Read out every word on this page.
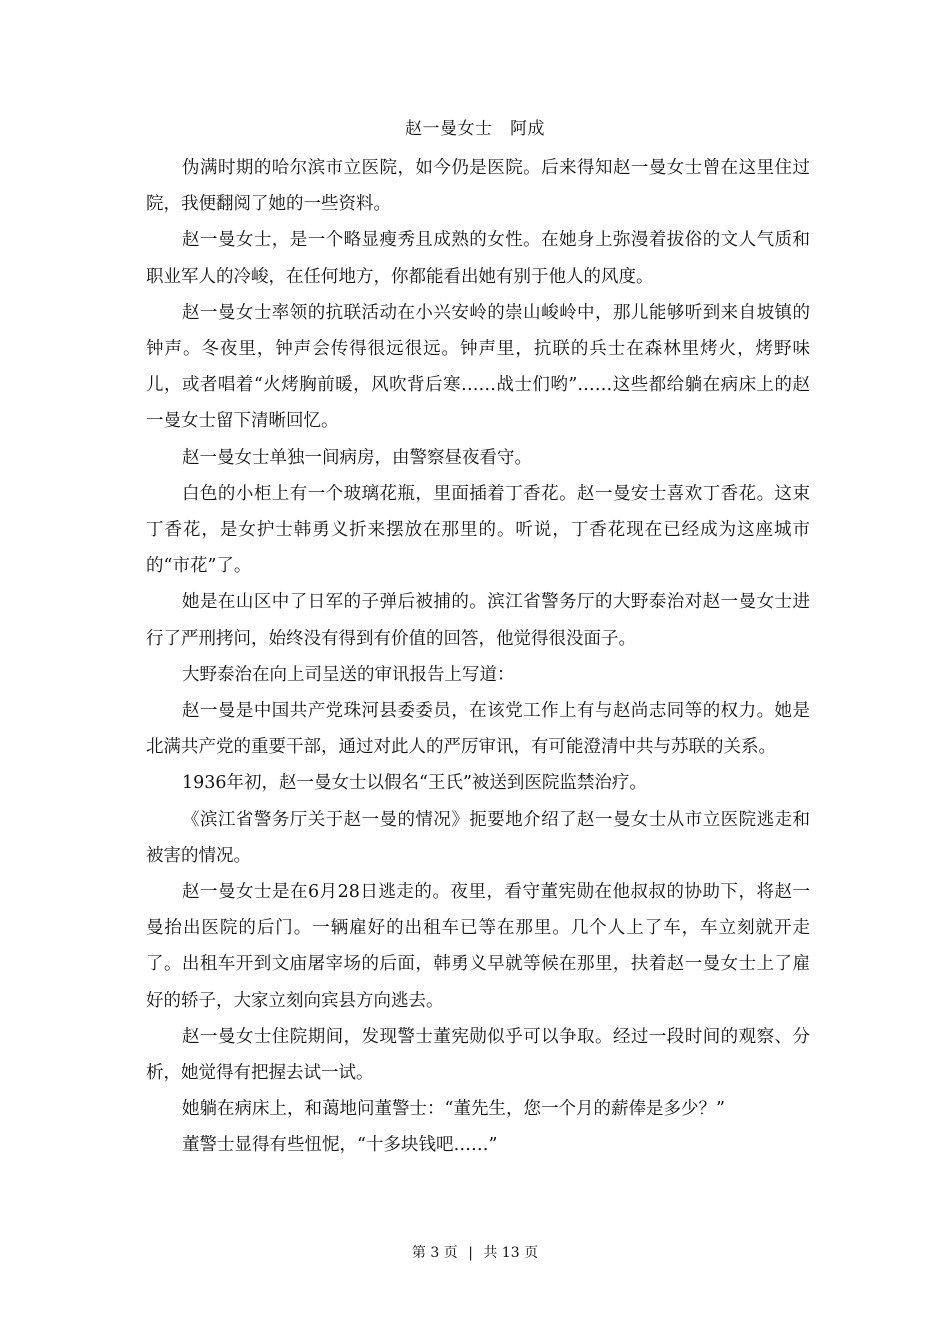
赵一曼女士　阿成

伪满时期的哈尔滨市立医院，如今仍是医院。后来得知赵一曼女士曾在这里住过院，我便翻阅了她的一些资料。

赵一曼女士，是一个略显瘦秀且成熟的女性。在她身上弥漫着拔俗的文人气质和职业军人的冷峻，在任何地方，你都能看出她有别于他人的风度。

赵一曼女士率领的抗联活动在小兴安岭的崇山峻岭中，那儿能够听到来自坡镇的钟声。冬夜里，钟声会传得很远很远。钟声里，抗联的兵士在森林里烤火，烤野味儿，或者唱着“火烤胸前暖，风吹背后寒……战士们哟”……这些都给躺在病床上的赵一曼女士留下清晰回忆。

赵一曼女士单独一间病房，由警察昼夜看守。

白色的小柜上有一个玻璃花瓶，里面插着丁香花。赵一曼安士喜欢丁香花。这束丁香花，是女护士韩勇义折来摆放在那里的。听说，丁香花现在已经成为这座城市的“市花”了。

她是在山区中了日军的子弹后被捕的。滨江省警务厅的大野泰治对赵一曼女士进行了严刑拷问，始终没有得到有价值的回答，他觉得很没面子。

大野泰治在向上司呈送的审讯报告上写道：

赵一曼是中国共产党珠河县委委员，在该党工作上有与赵尚志同等的权力。她是北满共产党的重要干部，通过对此人的严厉审讯，有可能澄清中共与苏联的关系。

1936年初，赵一曼女士以假名“王氏”被送到医院监禁治疗。

《滨江省警务厅关于赵一曼的情况》扼要地介绍了赵一曼女士从市立医院逃走和被害的情况。

赵一曼女士是在6月28日逃走的。夜里，看守董宪勋在他叔叔的协助下，将赵一曼抬出医院的后门。一辆雇好的出租车已等在那里。几个人上了车，车立刻就开走了。出租车开到文庙屠宰场的后面，韩勇义早就等候在那里，扶着赵一曼女士上了雇好的轿子，大家立刻向宾县方向逃去。

赵一曼女士住院期间，发现警士董宪勋似乎可以争取。经过一段时间的观察、分析，她觉得有把握去试一试。

她躺在病床上，和蔼地问董警士：“董先生，您一个月的薪俸是多少？”

董警士显得有些忸怩，“十多块钱吧……”

第 3 页 | 共 13 页
